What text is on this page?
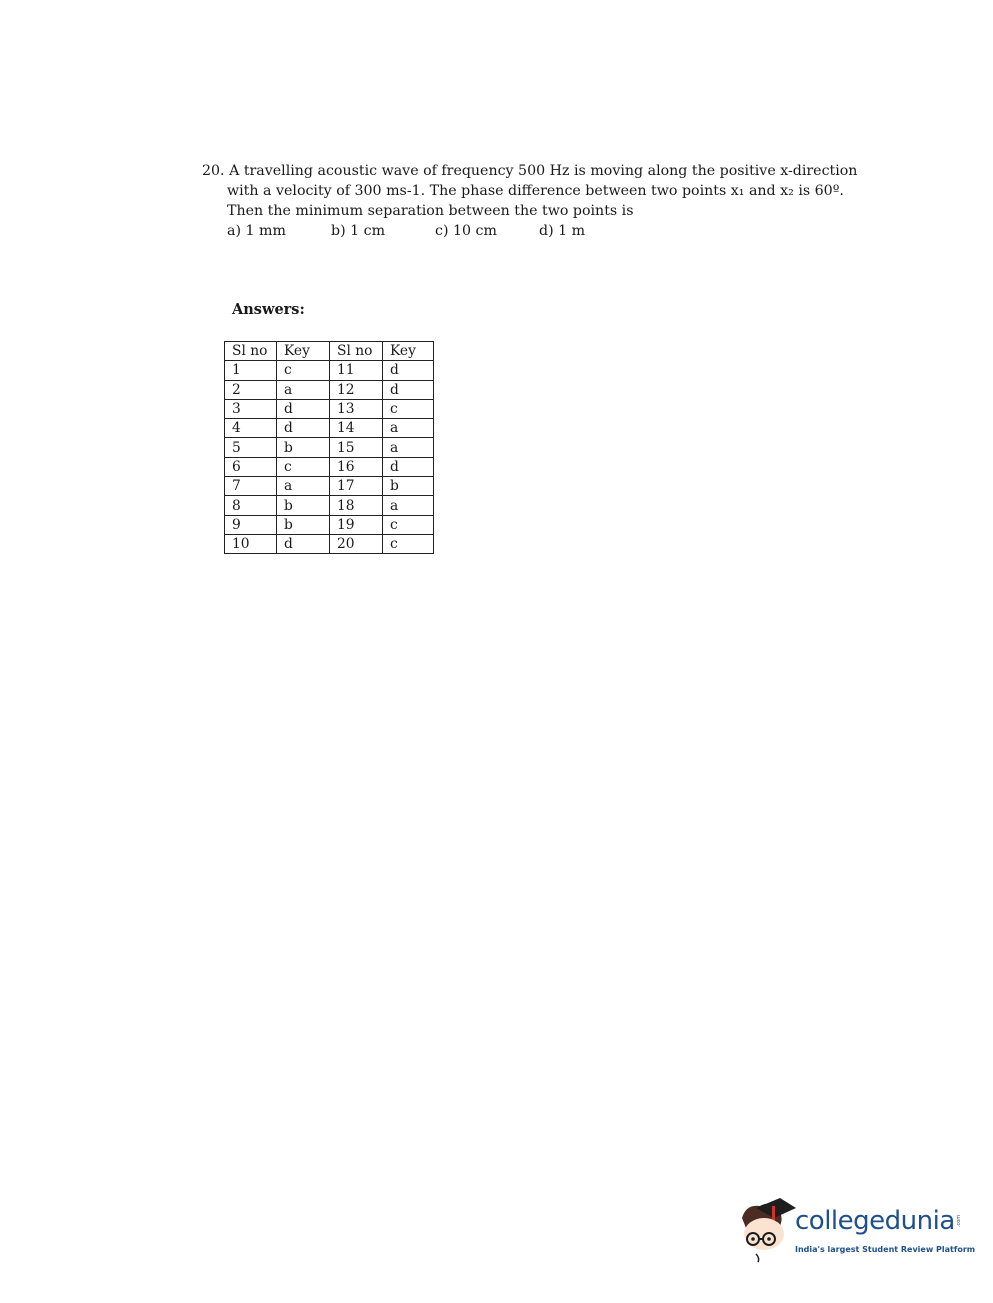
20. A travelling acoustic wave of frequency 500 Hz is moving along the positive x-direction
with a velocity of 300 ms-1. The phase difference between two points x₁ and x₂ is 60º.
Then the minimum separation between the two points is
a) 1 mm	b) 1 cm	c) 10 cm	d) 1 m
Answers:
Sl no	Key	Sl no	Key
1	c	11	d
2	a	12	d
3	d	13	c
4	d	14	a
5	b	15	a
6	c	16	d
7	a	17	b
8	b	18	a
9	b	19	c
10	d	20	c
collegedunia .com
India's largest Student Review Platform
